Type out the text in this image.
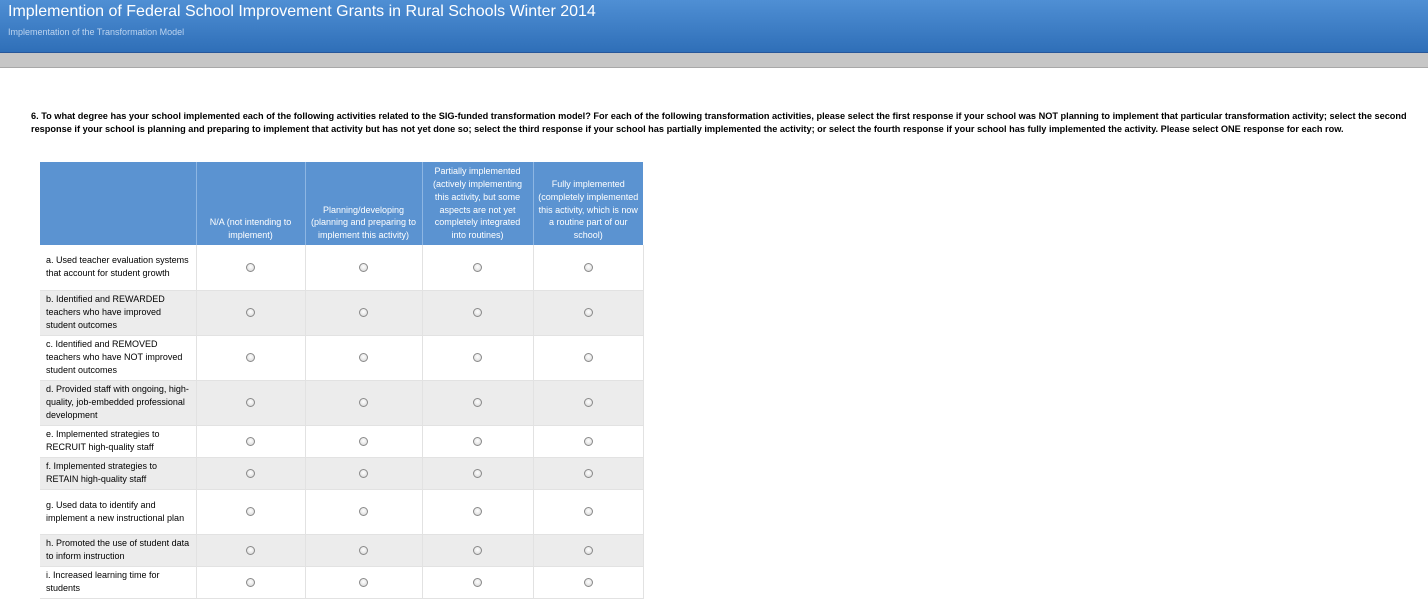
Implemention of Federal School Improvement Grants in Rural Schools Winter 2014
Implementation of the Transformation Model
6. To what degree has your school implemented each of the following activities related to the SIG-funded transformation model? For each of the following transformation activities, please select the first response if your school was NOT planning to implement that particular transformation activity; select the second response if your school is planning and preparing to implement that activity but has not yet done so; select the third response if your school has partially implemented the activity; or select the fourth response if your school has fully implemented the activity. Please select ONE response for each row.
	N/A (not intending to implement)	Planning/developing (planning and preparing to implement this activity)	Partially implemented (actively implementing this activity, but some aspects are not yet completely integrated into routines)	Fully implemented (completely implemented this activity, which is now a routine part of our school)
a. Used teacher evaluation systems that account for student growth				
b. Identified and REWARDED teachers who have improved student outcomes				
c. Identified and REMOVED teachers who have NOT improved student outcomes				
d. Provided staff with ongoing, high-quality, job-embedded professional development				
e. Implemented strategies to RECRUIT high-quality staff				
f. Implemented strategies to RETAIN high-quality staff				
g. Used data to identify and implement a new instructional plan				
h. Promoted the use of student data to inform instruction				
i. Increased learning time for students				
